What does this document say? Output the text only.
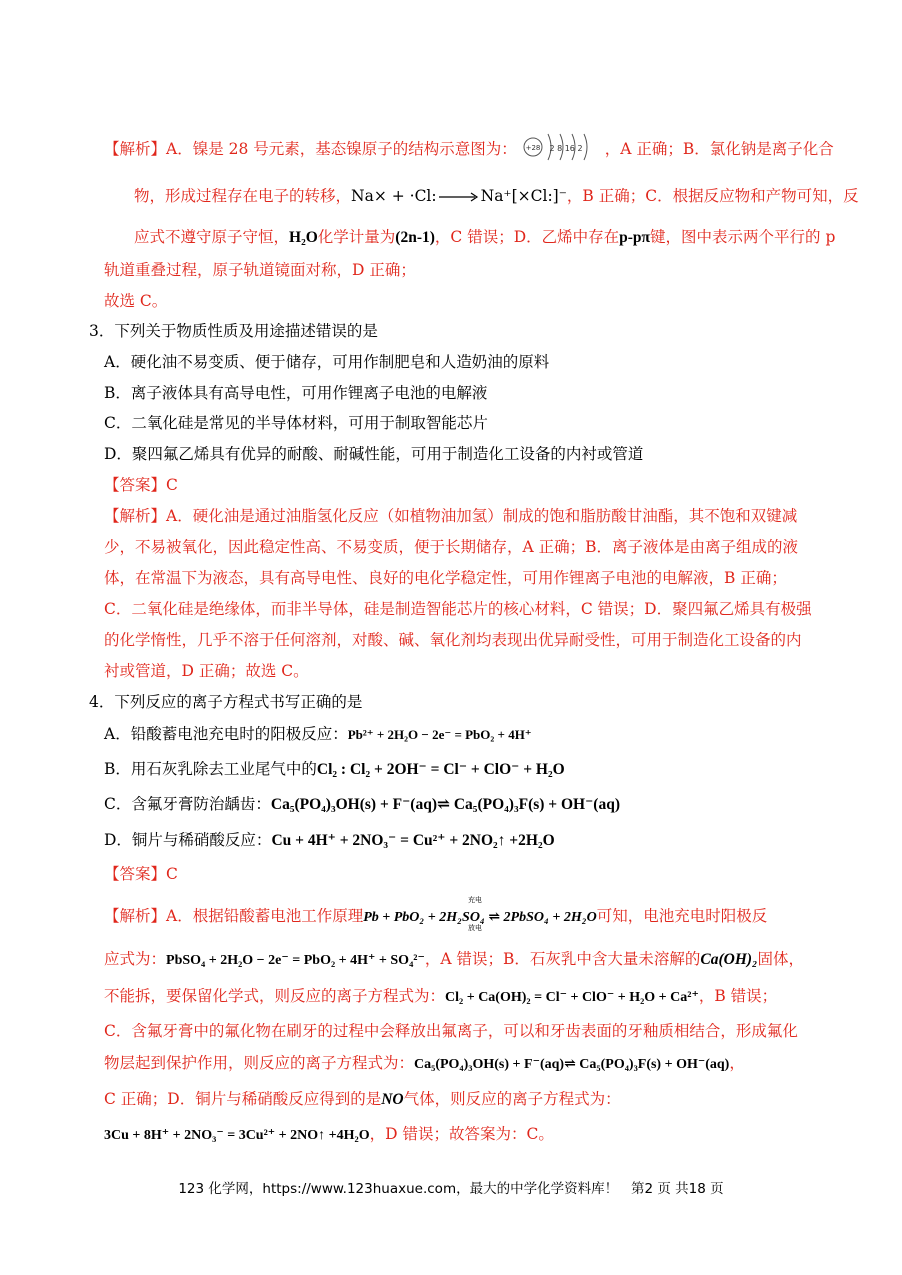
【解析】A．镍是 28 号元素，基态镍原子的结构示意图为： +28 2 8 16 2 ，A 正确；B．氯化钠是离子化合
物，形成过程存在电子的转移，Na× + ·Cl:	Na⁺[×Cl:]⁻，B 正确；C．根据反应物和产物可知，反
应式不遵守原子守恒，H₂O化学计量为(2n-1)，C 错误；D．乙烯中存在p-pπ键，图中表示两个平行的 p
轨道重叠过程，原子轨道镜面对称，D 正确；
故选 C。
3．下列关于物质性质及用途描述错误的是
A．硬化油不易变质、便于储存，可用作制肥皂和人造奶油的原料
B．离子液体具有高导电性，可用作锂离子电池的电解液
C．二氧化硅是常见的半导体材料，可用于制取智能芯片
D．聚四氟乙烯具有优异的耐酸、耐碱性能，可用于制造化工设备的内衬或管道
【答案】C
【解析】A．硬化油是通过油脂氢化反应（如植物油加氢）制成的饱和脂肪酸甘油酯，其不饱和双键减
少，不易被氧化，因此稳定性高、不易变质，便于长期储存，A 正确；B．离子液体是由离子组成的液
体，在常温下为液态，具有高导电性、良好的电化学稳定性，可用作锂离子电池的电解液，B 正确；
C．二氧化硅是绝缘体，而非半导体，硅是制造智能芯片的核心材料，C 错误；D．聚四氟乙烯具有极强
的化学惰性，几乎不溶于任何溶剂，对酸、碱、氧化剂均表现出优异耐受性，可用于制造化工设备的内
衬或管道，D 正确；故选 C。
4．下列反应的离子方程式书写正确的是
A．铅酸蓄电池充电时的阳极反应：Pb²⁺ + 2H₂O − 2e⁻ = PbO₂ + 4H⁺
B．用石灰乳除去工业尾气中的Cl₂ : Cl₂ + 2OH⁻ = Cl⁻ + ClO⁻ + H₂O
C．含氟牙膏防治龋齿：Ca₅(PO₄)₃OH(s) + F⁻(aq)⇌ Ca₅(PO₄)₃F(s) + OH⁻(aq)
D．铜片与稀硝酸反应：Cu + 4H⁺ + 2NO₃⁻ = Cu²⁺ + 2NO₂↑ +2H₂O
【答案】C
【解析】A．根据铅酸蓄电池工作原理Pb + PbO₂ + 2H₂SO₄ ⇌ 2PbSO₄ + 2H₂O可知，电池充电时阳极反
充电
放电
应式为：PbSO₄ + 2H₂O − 2e⁻ = PbO₂ + 4H⁺ + SO₄²⁻，A 错误；B．石灰乳中含大量未溶解的Ca(OH)₂固体，
不能拆，要保留化学式，则反应的离子方程式为：Cl₂ + Ca(OH)₂ = Cl⁻ + ClO⁻ + H₂O + Ca²⁺，B 错误；
C．含氟牙膏中的氟化物在刷牙的过程中会释放出氟离子，可以和牙齿表面的牙釉质相结合，形成氟化
物层起到保护作用，则反应的离子方程式为：Ca₅(PO₄)₃OH(s) + F⁻(aq)⇌ Ca₅(PO₄)₃F(s) + OH⁻(aq)，
C 正确；D．铜片与稀硝酸反应得到的是NO气体，则反应的离子方程式为：
3Cu + 8H⁺ + 2NO₃⁻ = 3Cu²⁺ + 2NO↑ +4H₂O，D 错误；故答案为：C。
123 化学网，https://www.123huaxue.com，最大的中学化学资料库！ 第2 页 共18 页
